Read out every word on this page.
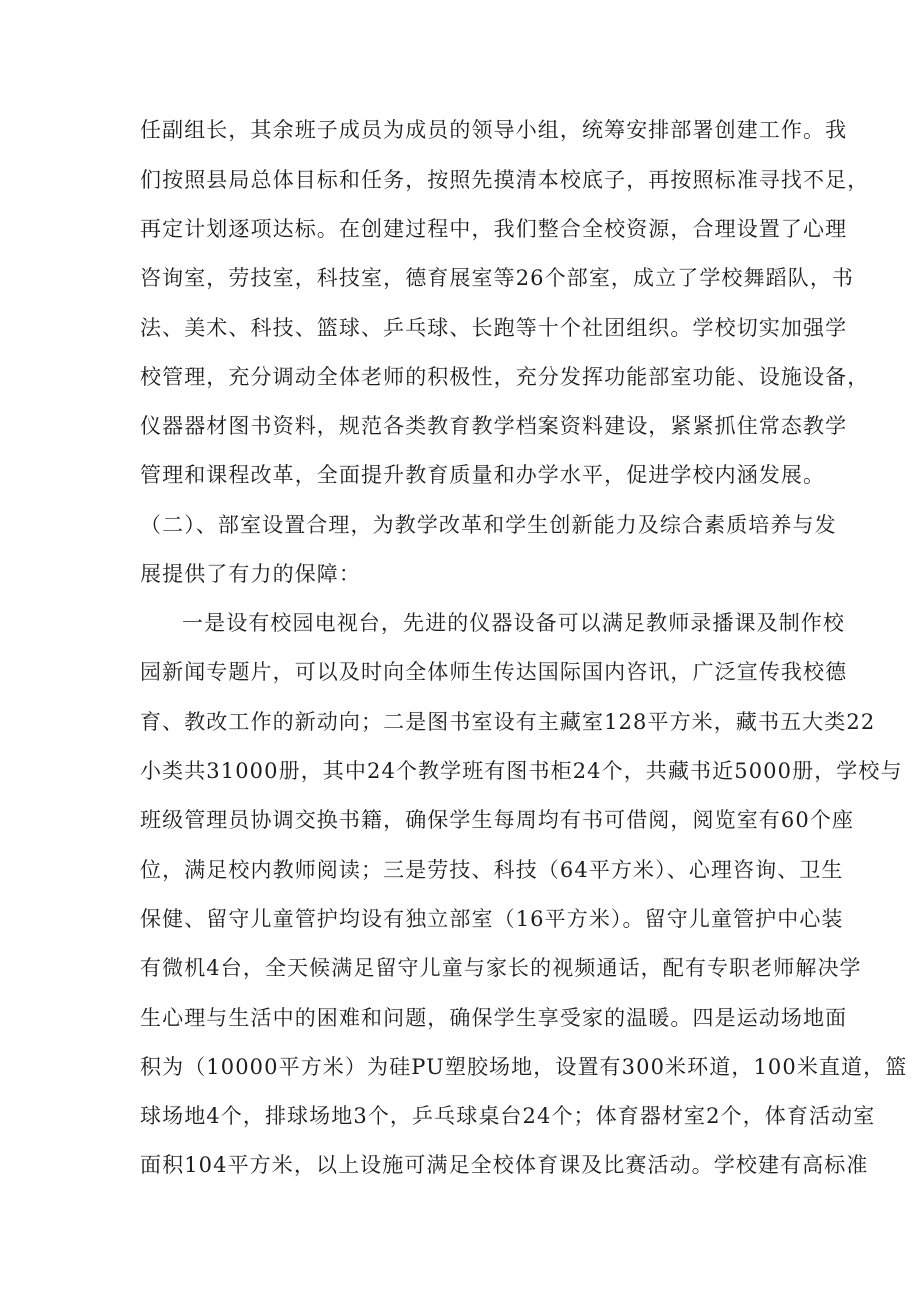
任副组长，其余班子成员为成员的领导小组，统筹安排部署创建工作。我
们按照县局总体目标和任务，按照先摸清本校底子，再按照标准寻找不足，
再定计划逐项达标。在创建过程中，我们整合全校资源，合理设置了心理
咨询室，劳技室，科技室，德育展室等26个部室，成立了学校舞蹈队，书
法、美术、科技、篮球、乒乓球、长跑等十个社团组织。学校切实加强学
校管理，充分调动全体老师的积极性，充分发挥功能部室功能、设施设备，
仪器器材图书资料，规范各类教育教学档案资料建设，紧紧抓住常态教学
管理和课程改革，全面提升教育质量和办学水平，促进学校内涵发展。
（二）、部室设置合理，为教学改革和学生创新能力及综合素质培养与发
展提供了有力的保障：
一是设有校园电视台，先进的仪器设备可以满足教师录播课及制作校
园新闻专题片，可以及时向全体师生传达国际国内咨讯，广泛宣传我校德
育、教改工作的新动向；二是图书室设有主藏室128平方米，藏书五大类22
小类共31000册，其中24个教学班有图书柜24个，共藏书近5000册，学校与
班级管理员协调交换书籍，确保学生每周均有书可借阅，阅览室有60个座
位，满足校内教师阅读；三是劳技、科技（64平方米）、心理咨询、卫生
保健、留守儿童管护均设有独立部室（16平方米）。留守儿童管护中心装
有微机4台，全天候满足留守儿童与家长的视频通话，配有专职老师解决学
生心理与生活中的困难和问题，确保学生享受家的温暖。四是运动场地面
积为（10000平方米）为硅PU塑胶场地，设置有300米环道，100米直道，篮
球场地4个，排球场地3个，乒乓球桌台24个；体育器材室2个，体育活动室
面积104平方米，以上设施可满足全校体育课及比赛活动。学校建有高标准
